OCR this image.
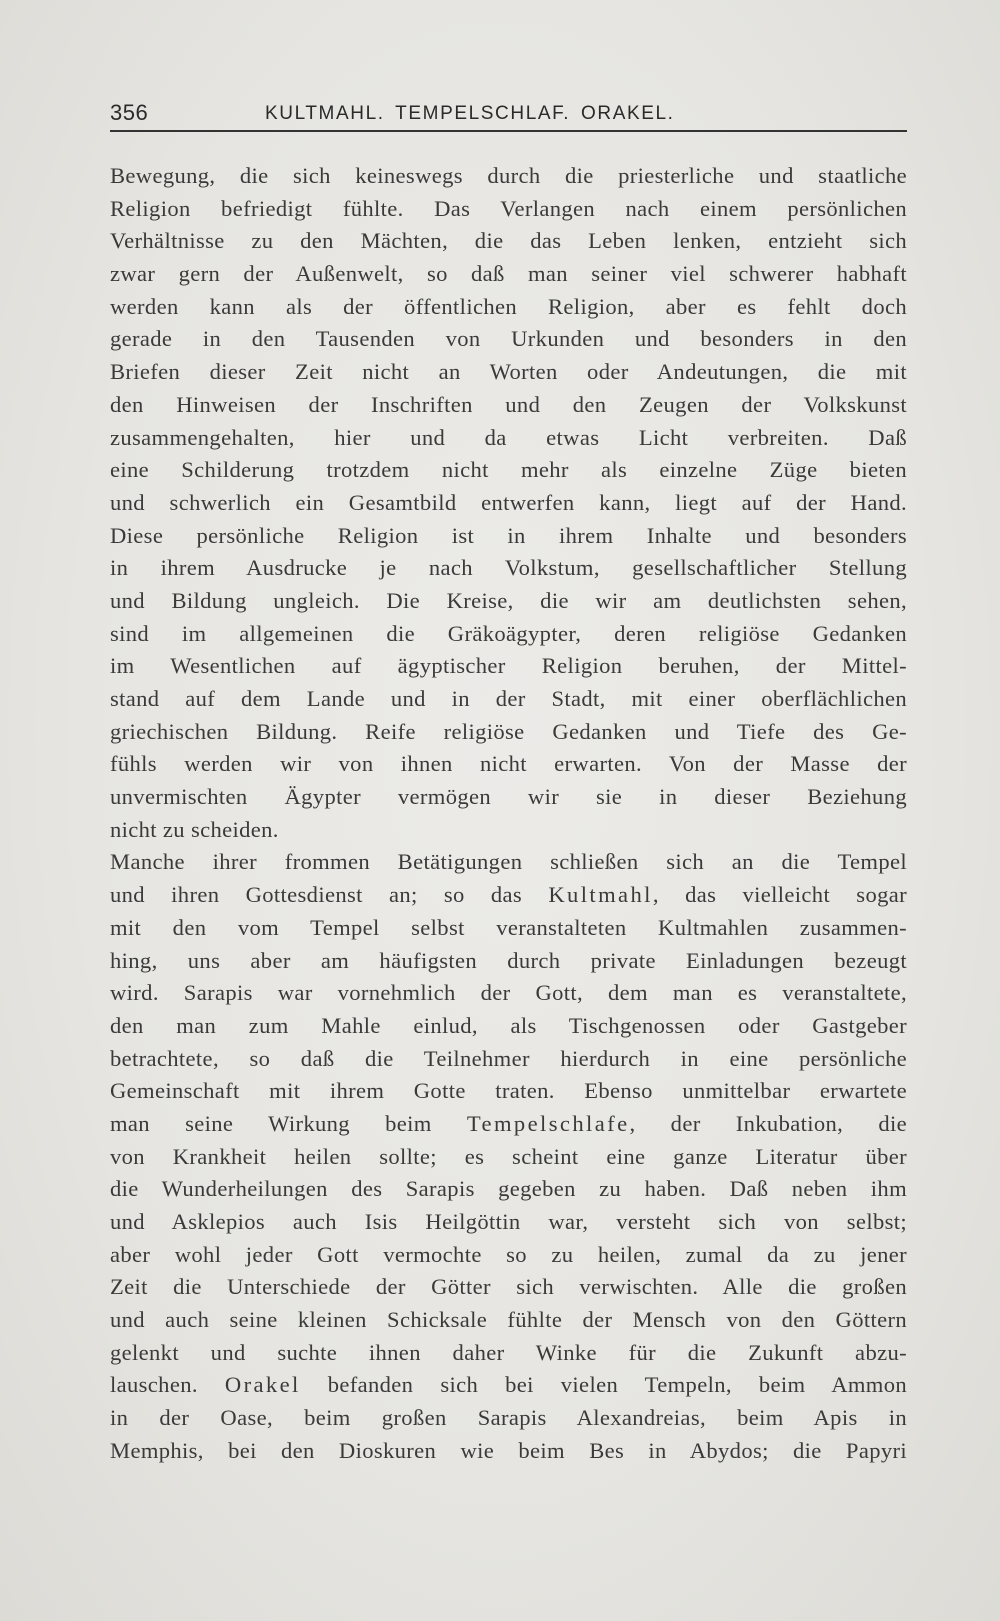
356	KULTMAHL. TEMPELSCHLAF. ORAKEL.
Bewegung, die sich keineswegs durch die priesterliche und staatliche
Religion befriedigt fühlte. Das Verlangen nach einem persönlichen
Verhältnisse zu den Mächten, die das Leben lenken, entzieht sich
zwar gern der Außenwelt, so daß man seiner viel schwerer habhaft
werden kann als der öffentlichen Religion, aber es fehlt doch
gerade in den Tausenden von Urkunden und besonders in den
Briefen dieser Zeit nicht an Worten oder Andeutungen, die mit
den Hinweisen der Inschriften und den Zeugen der Volkskunst
zusammengehalten, hier und da etwas Licht verbreiten. Daß
eine Schilderung trotzdem nicht mehr als einzelne Züge bieten
und schwerlich ein Gesamtbild entwerfen kann, liegt auf der Hand.
Diese persönliche Religion ist in ihrem Inhalte und besonders
in ihrem Ausdrucke je nach Volkstum, gesellschaftlicher Stellung
und Bildung ungleich. Die Kreise, die wir am deutlichsten sehen,
sind im allgemeinen die Gräkoägypter, deren religiöse Gedanken
im Wesentlichen auf ägyptischer Religion beruhen, der Mittel-
stand auf dem Lande und in der Stadt, mit einer oberflächlichen
griechischen Bildung. Reife religiöse Gedanken und Tiefe des Ge-
fühls werden wir von ihnen nicht erwarten. Von der Masse der
unvermischten Ägypter vermögen wir sie in dieser Beziehung
nicht zu scheiden.
Manche ihrer frommen Betätigungen schließen sich an die Tempel
und ihren Gottesdienst an; so das Kultmahl, das vielleicht sogar
mit den vom Tempel selbst veranstalteten Kultmahlen zusammen-
hing, uns aber am häufigsten durch private Einladungen bezeugt
wird. Sarapis war vornehmlich der Gott, dem man es veranstaltete,
den man zum Mahle einlud, als Tischgenossen oder Gastgeber
betrachtete, so daß die Teilnehmer hierdurch in eine persönliche
Gemeinschaft mit ihrem Gotte traten. Ebenso unmittelbar erwartete
man seine Wirkung beim Tempelschlafe, der Inkubation, die
von Krankheit heilen sollte; es scheint eine ganze Literatur über
die Wunderheilungen des Sarapis gegeben zu haben. Daß neben ihm
und Asklepios auch Isis Heilgöttin war, versteht sich von selbst;
aber wohl jeder Gott vermochte so zu heilen, zumal da zu jener
Zeit die Unterschiede der Götter sich verwischten. Alle die großen
und auch seine kleinen Schicksale fühlte der Mensch von den Göttern
gelenkt und suchte ihnen daher Winke für die Zukunft abzu-
lauschen. Orakel befanden sich bei vielen Tempeln, beim Ammon
in der Oase, beim großen Sarapis Alexandreias, beim Apis in
Memphis, bei den Dioskuren wie beim Bes in Abydos; die Papyri
